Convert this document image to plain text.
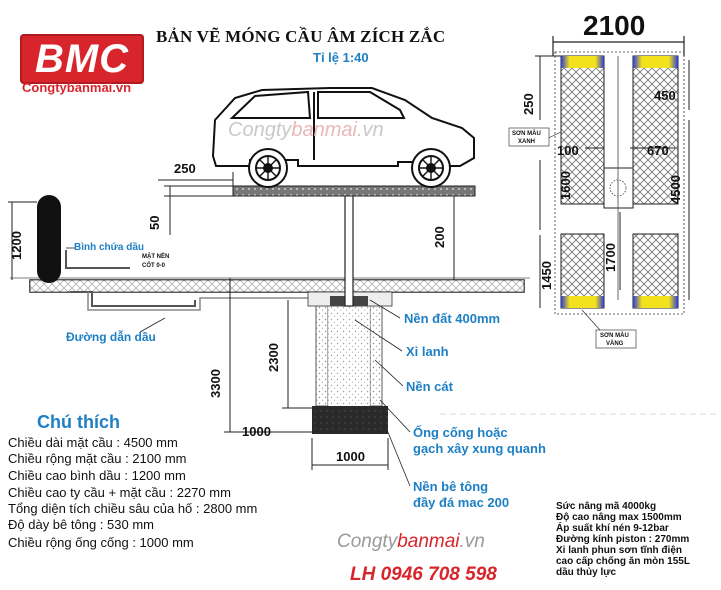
BMC
Congtybanmai.vn
BẢN VẼ MÓNG CẦU ÂM ZÍCH ZẮC
Tỉ lệ 1:40
Congtybanmai.vn
250
50
200
1200
3300
2300
1000
1000
Bình chứa dầu
MẶT NỀN
CỐT 0-0
Đường dẫn dầu
Nền đất 400mm
Xi lanh
Nền cát
Ống cống hoặc
gạch xây xung quanh
Nền bê tông
đầy đá mac 200
2100
250	450
100	670
1600	4500
1700
1450
SƠN MÀU
XANH
SƠN MÀU
VÀNG
Chú thích
Chiều dài mặt cầu : 4500 mm
Chiều rộng mặt cầu : 2100 mm
Chiều cao bình dầu : 1200 mm
Chiều cao ty cầu + mặt cầu : 2270 mm
Tổng diện tích chiều sâu của hố : 2800 mm
Độ dày bê tông : 530 mm
Chiều rộng ống cống : 1000 mm
Sức nâng mã 4000kg
Độ cao nâng max 1500mm
Áp suất khí nén 9-12bar
Đường kính piston : 270mm
Xi lanh phun sơn tĩnh điện
cao cấp chống ăn mòn 155L
dầu thủy lực
Congtybanmai.vn
LH 0946 708 598
